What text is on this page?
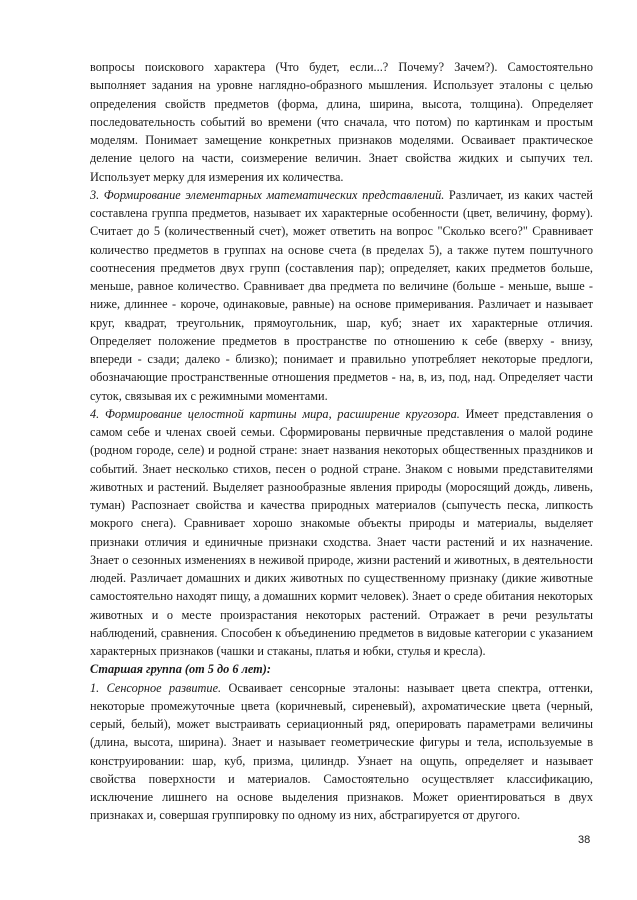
вопросы поискового характера (Что будет, если...? Почему? Зачем?). Самостоятельно выполняет задания на уровне наглядно-образного мышления. Использует эталоны с целью определения свойств предметов (форма, длина, ширина, высота, толщина). Определяет последовательность событий во времени (что сначала, что потом) по картинкам и простым моделям. Понимает замещение конкретных признаков моделями. Осваивает практическое деление целого на части, соизмерение величин. Знает свойства жидких и сыпучих тел. Использует мерку для измерения их количества.

3. Формирование элементарных математических представлений. Различает, из каких частей составлена группа предметов, называет их характерные особенности (цвет, величину, форму). Считает до 5 (количественный счет), может ответить на вопрос "Сколько всего?" Сравнивает количество предметов в группах на основе счета (в пределах 5), а также путем поштучного соотнесения предметов двух групп (составления пар); определяет, каких предметов больше, меньше, равное количество. Сравнивает два предмета по величине (больше - меньше, выше - ниже, длиннее - короче, одинаковые, равные) на основе примеривания. Различает и называет круг, квадрат, треугольник, прямоугольник, шар, куб; знает их характерные отличия. Определяет положение предметов в пространстве по отношению к себе (вверху - внизу, впереди - сзади; далеко - близко); понимает и правильно употребляет некоторые предлоги, обозначающие пространственные отношения предметов - на, в, из, под, над. Определяет части суток, связывая их с режимными моментами.

4. Формирование целостной картины мира, расширение кругозора. Имеет представления о самом себе и членах своей семьи. Сформированы первичные представления о малой родине (родном городе, селе) и родной стране: знает названия некоторых общественных праздников и событий. Знает несколько стихов, песен о родной стране. Знаком с новыми представителями животных и растений. Выделяет разнообразные явления природы (моросящий дождь, ливень, туман) Распознает свойства и качества природных материалов (сыпучесть песка, липкость мокрого снега). Сравнивает хорошо знакомые объекты природы и материалы, выделяет признаки отличия и единичные признаки сходства. Знает части растений и их назначение. Знает о сезонных изменениях в неживой природе, жизни растений и животных, в деятельности людей. Различает домашних и диких животных по существенному признаку (дикие животные самостоятельно находят пищу, а домашних кормит человек). Знает о среде обитания некоторых животных и о месте произрастания некоторых растений. Отражает в речи результаты наблюдений, сравнения. Способен к объединению предметов в видовые категории с указанием характерных признаков (чашки и стаканы, платья и юбки, стулья и кресла).

Старшая группа (от 5 до 6 лет):

1. Сенсорное развитие. Осваивает сенсорные эталоны: называет цвета спектра, оттенки, некоторые промежуточные цвета (коричневый, сиреневый), ахроматические цвета (черный, серый, белый), может выстраивать сериационный ряд, оперировать параметрами величины (длина, высота, ширина). Знает и называет геометрические фигуры и тела, используемые в конструировании: шар, куб, призма, цилиндр. Узнает на ощупь, определяет и называет свойства поверхности и материалов. Самостоятельно осуществляет классификацию, исключение лишнего на основе выделения признаков. Может ориентироваться в двух признаках и, совершая группировку по одному из них, абстрагируется от другого.

38
